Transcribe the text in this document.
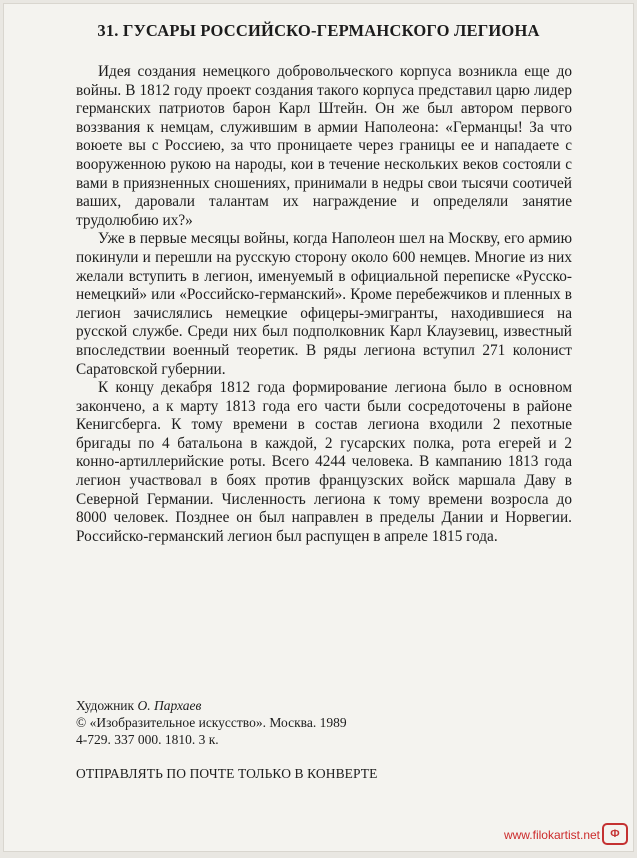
31. ГУСАРЫ РОССИЙСКО-ГЕРМАНСКОГО ЛЕГИОНА

Идея создания немецкого добровольческого корпуса возникла еще до войны. В 1812 году проект создания такого корпуса представил царю лидер германских патриотов барон Карл Штейн. Он же был автором первого воззвания к немцам, служившим в армии Наполеона: «Германцы! За что воюете вы с Россиею, за что проницаете через границы ее и нападаете с вооруженною рукою на народы, кои в течение нескольких веков состояли с вами в приязненных сношениях, принимали в недры свои тысячи соотичей ваших, даровали талантам их награждение и определяли занятие трудолюбию их?»

Уже в первые месяцы войны, когда Наполеон шел на Москву, его армию покинули и перешли на русскую сторону около 600 немцев. Многие из них желали вступить в легион, именуемый в официальной переписке «Русско-немецкий» или «Российско-германский». Кроме перебежчиков и пленных в легион зачислялись немецкие офицеры-эмигранты, находившиеся на русской службе. Среди них был подполковник Карл Клаузевиц, известный впоследствии военный теоретик. В ряды легиона вступил 271 колонист Саратовской губернии.

К концу декабря 1812 года формирование легиона было в основном закончено, а к марту 1813 года его части были сосредоточены в районе Кенигсберга. К тому времени в состав легиона входили 2 пехотные бригады по 4 батальона в каждой, 2 гусарских полка, рота егерей и 2 конно-артиллерийские роты. Всего 4244 человека. В кампанию 1813 года легион участвовал в боях против французских войск маршала Даву в Северной Германии. Численность легиона к тому времени возросла до 8000 человек. Позднее он был направлен в пределы Дании и Норвегии. Российско-германский легион был распущен в апреле 1815 года.

Художник О. Пархаев
© «Изобразительное искусство». Москва. 1989
4-729. 337 000. 1810. 3 к.
ОТПРАВЛЯТЬ ПО ПОЧТЕ ТОЛЬКО В КОНВЕРТЕ
www.filokartist.net Ф
